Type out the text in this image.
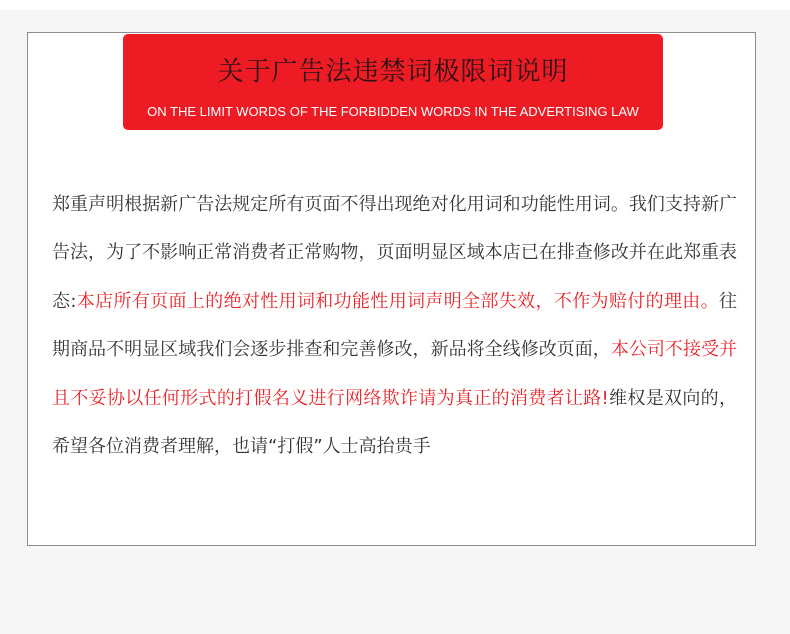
关于广告法违禁词极限词说明
ON THE LIMIT WORDS OF THE FORBIDDEN WORDS IN THE ADVERTISING LAW

郑重声明根据新广告法规定所有页面不得出现绝对化用词和功能性用词。我们支持新广告法，为了不影响正常消费者正常购物，页面明显区域本店已在排查修改并在此郑重表态:本店所有页面上的绝对性用词和功能性用词声明全部失效，不作为赔付的理由。往期商品不明显区域我们会逐步排查和完善修改，新品将全线修改页面，本公司不接受并且不妥协以任何形式的打假名义进行网络欺诈请为真正的消费者让路!维权是双向的，希望各位消费者理解，也请“打假”人士高抬贵手
